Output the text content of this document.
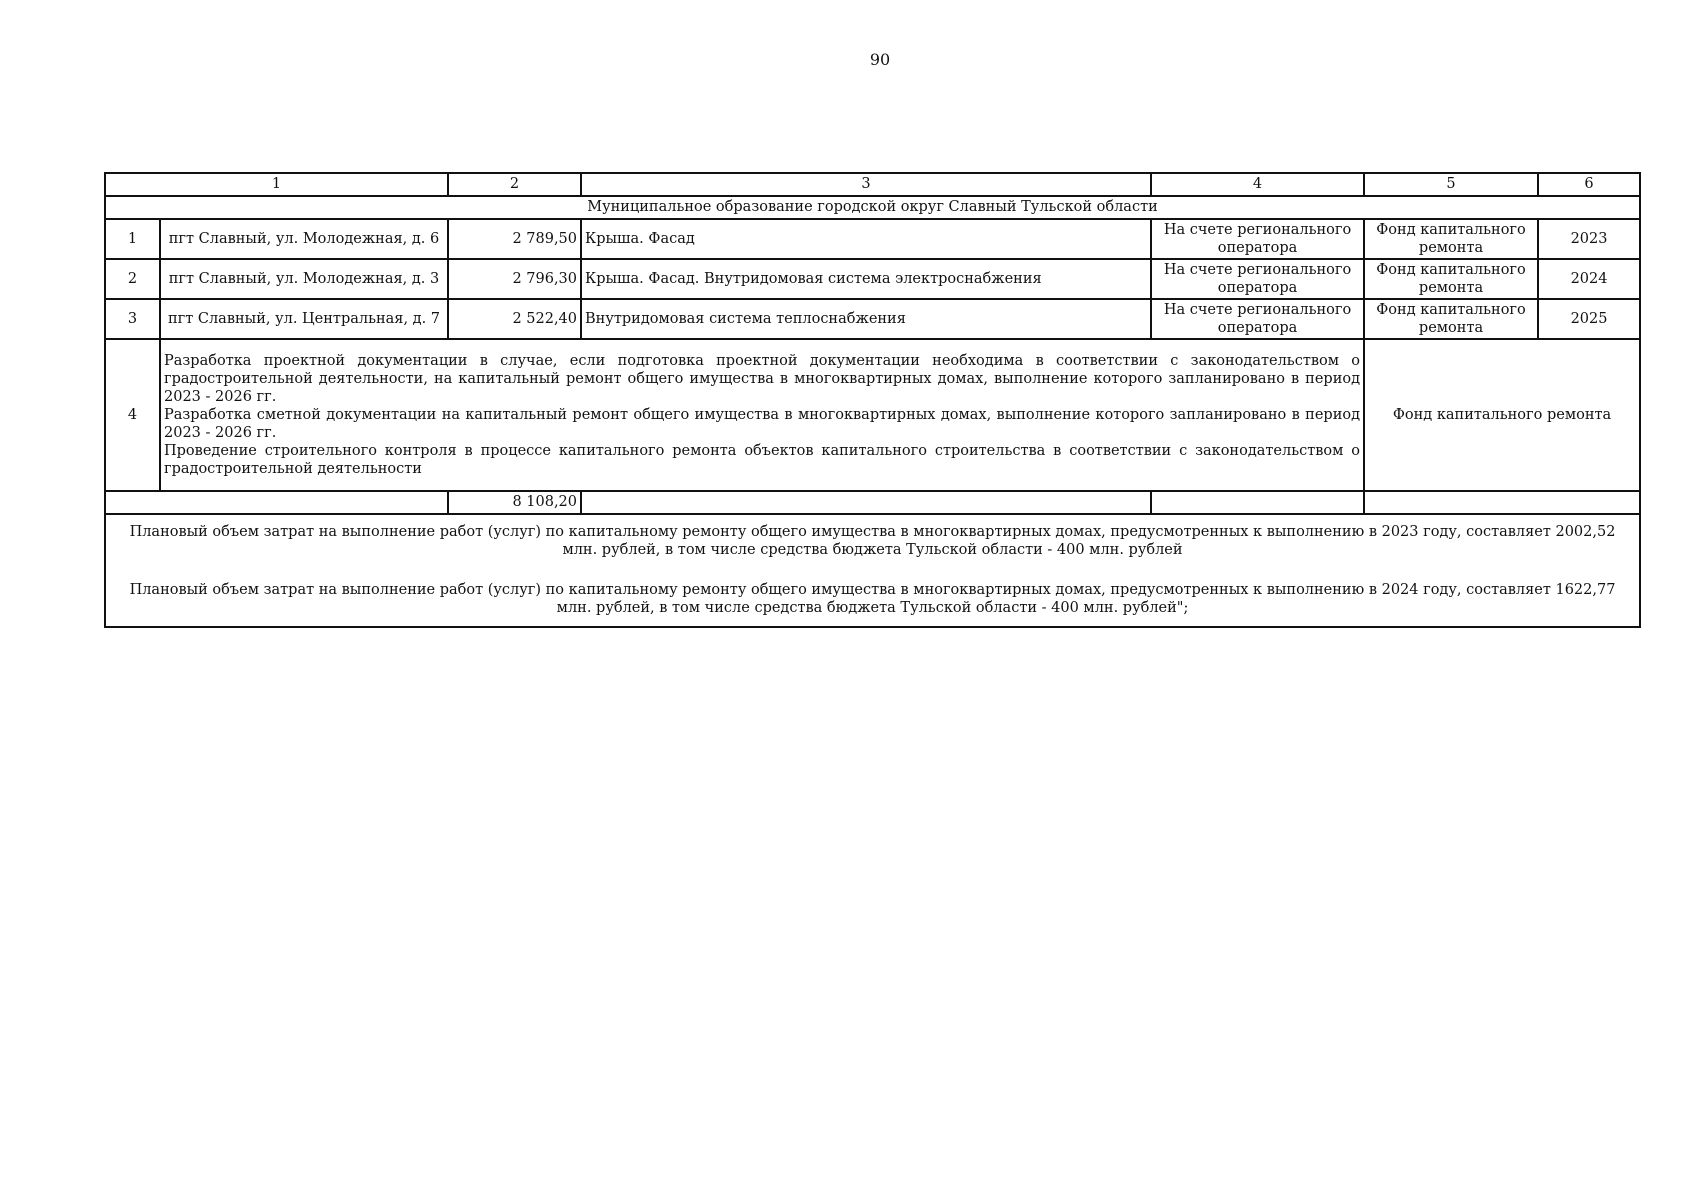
90
1		2	3	4	5	6
Муниципальное образование городской округ Славный Тульской области						
1	пгт Славный, ул. Молодежная, д. 6	2 789,50	Крыша. Фасад	На счете регионального оператора	Фонд капитального ремонта	2023
2	пгт Славный, ул. Молодежная, д. 3	2 796,30	Крыша. Фасад. Внутридомовая система электроснабжения	На счете регионального оператора	Фонд капитального ремонта	2024
3	пгт Славный, ул. Центральная, д. 7	2 522,40	Внутридомовая система теплоснабжения	На счете регионального оператора	Фонд капитального ремонта	2025
4	Разработка проектной документации в случае, если подготовка проектной документации необходима в соответствии с законодательством о градостроительной деятельности, на капитальный ремонт общего имущества в многоквартирных домах, выполнение которого запланировано в период 2023 - 2026 гг.
Разработка сметной документации на капитальный ремонт общего имущества в многоквартирных домах, выполнение которого запланировано в период 2023 - 2026 гг.
Проведение строительного контроля в процессе капитального ремонта объектов капитального строительства в соответствии с законодательством о градостроительной деятельности				Фонд капитального ремонта	
		8 108,20				

Плановый объем затрат на выполнение работ (услуг) по капитальному ремонту общего имущества в многоквартирных домах, предусмотренных к выполнению в 2023 году, составляет 2002,52 млн. рублей, в том числе средства бюджета Тульской области - 400 млн. рублей
Плановый объем затрат на выполнение работ (услуг) по капитальному ремонту общего имущества в многоквартирных домах, предусмотренных к выполнению в 2024 году, составляет 1622,77 млн. рублей, в том числе средства бюджета Тульской области - 400 млн. рублей";						
